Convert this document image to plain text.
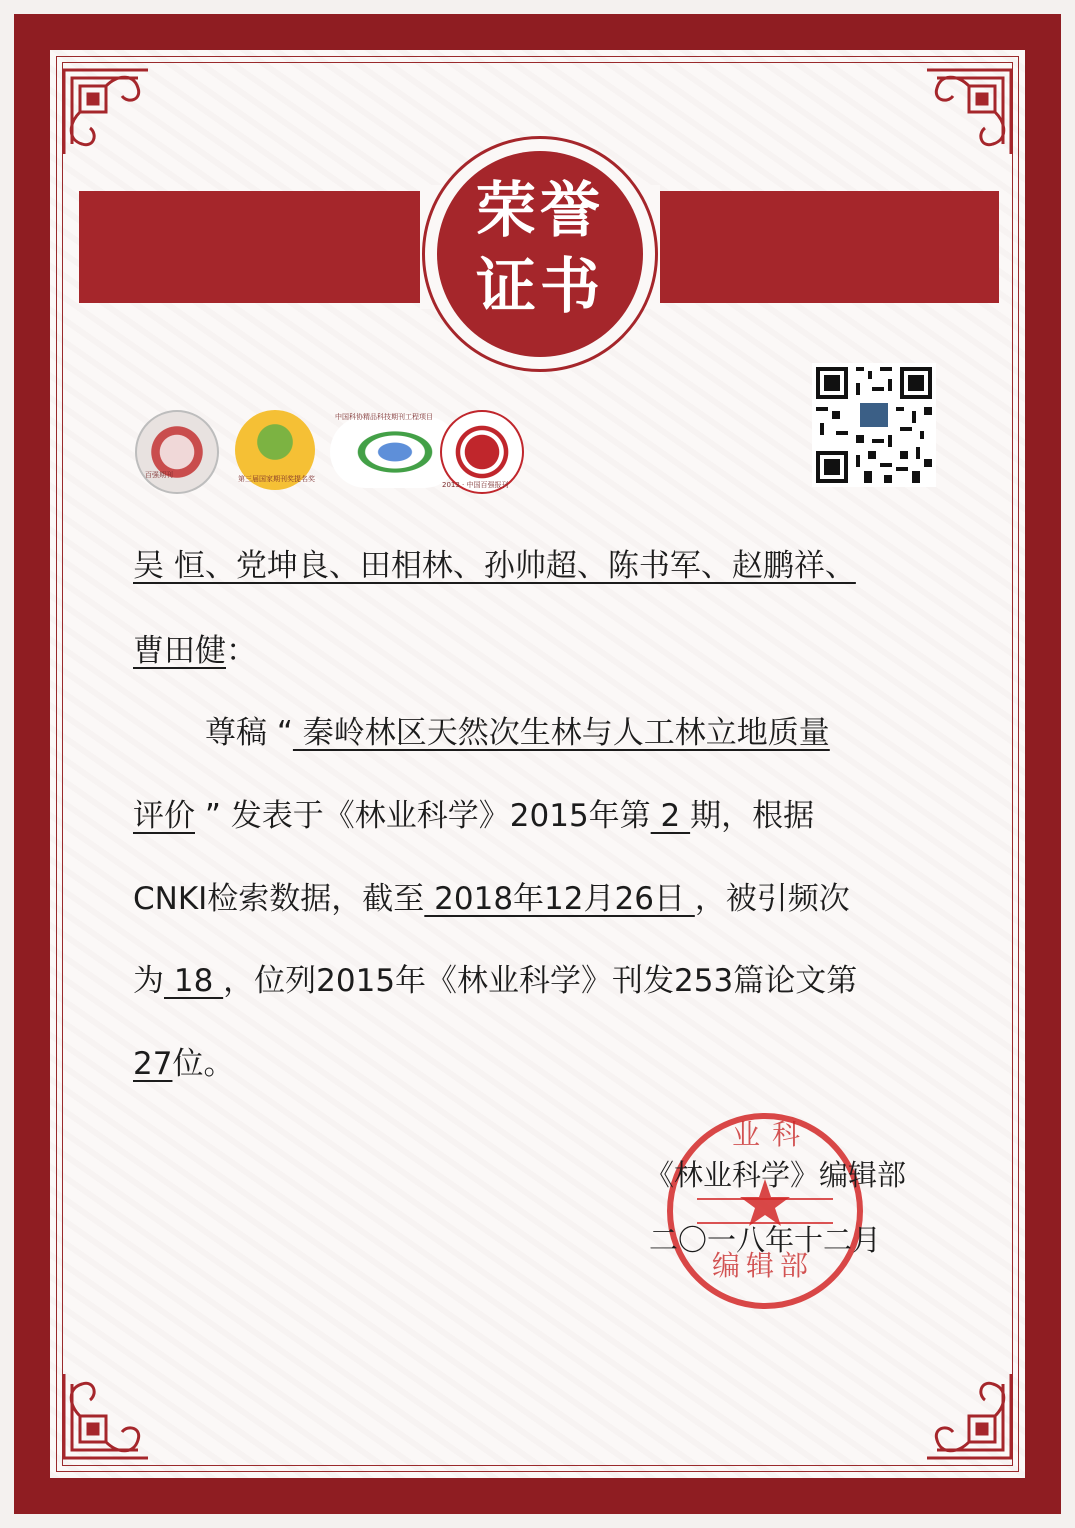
荣誉
证书
百强期刊	第三届国家期刊奖提名奖
中国科协精品科技期刊工程项目
2013 · 中国百强报刊
吴 恒、党坤良、田相林、孙帅超、陈书军、赵鹏祥、
曹田健：
尊稿 “ 秦岭林区天然次生林与人工林立地质量
评价 ” 发表于《林业科学》2015年第 2 期，根据
CNKI检索数据，截至 2018年12月26日 ，被引频次
为 18 ，位列2015年《林业科学》刊发253篇论文第
27位。
业科
编辑部
《林业科学》编辑部
二〇一八年十二月
